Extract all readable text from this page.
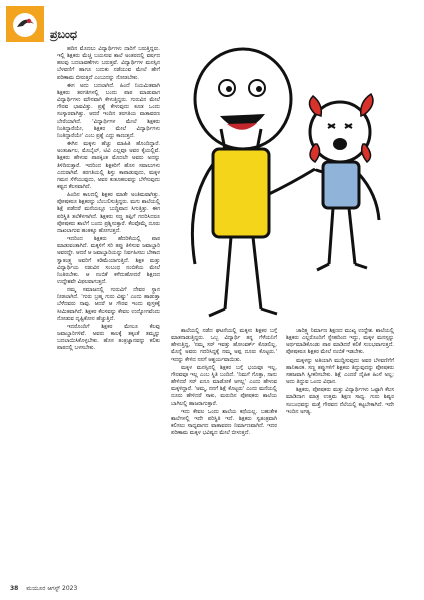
ಪ್ರಬಂಧ

ಹದಿನ ಮೊದಲು ವಿದ್ಯಾರ್ಥಿಗಳು ದಾರಿಗೆ ಬರುತ್ತಿದ್ದರು. ಇಲ್ಲಿ ಶಿಕ್ಷಕರು ಮೆಚ್ಚಿ ಬಯಸುವ ಶಾಲೆ ಅಂತರದಲ್ಲಿ ವರ್ಷದ ಹಲವು ಬದಲಾವಣೆಗಳು ಬರುತ್ತವೆ. ವಿದ್ಯಾರ್ಥಿಗಳ ಮನಸ್ಸಿನ ಬೆಳವಣಿಗೆ ಹಾಗೂ ಬದುಕು ನಡೆಯುವ ಮೇಲೆ ಹೇಗೆ ಪರಿಣಾಮ ಬೀರುತ್ತದೆ ಎಂಬುದನ್ನು ನೋಡಬೇಕು.

ಈಗ ಅದು ಬದಲಾಗಿದೆ. ಹಿಂದೆ ನಿಯಮಿತವಾಗಿ ಶಿಕ್ಷಕರು ತರಗತಿಗಳಲ್ಲಿ ಬಂದು ಪಾಠ ಮಾಡುವಾಗ ವಿದ್ಯಾರ್ಥಿಗಳು ಮೌನವಾಗಿ ಕೇಳುತ್ತಿದ್ದರು. ಗುರುವಿನ ಮೇಲೆ ಗೌರವ ಭಾವವಿತ್ತು. ಪ್ರಶ್ನೆ ಕೇಳುವುದು ಕೂಡ ಒಂದು ಸಂಸ್ಕಾರವಾಗಿತ್ತು. ಆದರೆ ಇಂದಿನ ತರಗತಿಯ ವಾತಾವರಣ ಬೇರೆಯಾಗಿದೆ. 'ವಿದ್ಯಾರ್ಥಿಗಳ ಮೇಲೆ ಶಿಕ್ಷಕರು ನಿಂತಿದ್ದಾರೆಯೇ, ಶಿಕ್ಷಕರ ಮೇಲೆ ವಿದ್ಯಾರ್ಥಿಗಳು ನಿಂತಿದ್ದಾರೆಯೇ' ಎಂಬ ಪ್ರಶ್ನೆ ಎದ್ದು ಕಾಣುತ್ತದೆ.

ಈಗಿನ ಮಕ್ಕಳು ಹೆಚ್ಚು ಮಾಹಿತಿ ಹೊಂದಿದ್ದಾರೆ. ಅಂತರ್ಜಾಲ, ಮೊಬೈಲ್, ಟಿವಿ ಎಲ್ಲವೂ ಅವರ ಕೈಯಲ್ಲಿವೆ. ಶಿಕ್ಷಕರು ಹೇಳುವ ಪಾಠಕ್ಕಿಂತ ಮೊದಲೇ ಅವರು ಅದನ್ನು ತಿಳಿದಿರುತ್ತಾರೆ. ಇದರಿಂದ ಶಿಕ್ಷಕರಿಗೆ ಹೊಸ ಸವಾಲುಗಳು ಎದುರಾಗಿವೆ. ತರಗತಿಯಲ್ಲಿ ಶಿಸ್ತು ಕಾಪಾಡುವುದು, ಮಕ್ಕಳ ಗಮನ ಸೆಳೆಯುವುದು, ಅವರ ಕುತೂಹಲವನ್ನು ಬೆಳೆಸುವುದು ಕಷ್ಟದ ಕೆಲಸವಾಗಿದೆ.

ಹಿಂದಿನ ಕಾಲದಲ್ಲಿ ಶಿಕ್ಷಕರ ಮಾತೇ ಅಂತಿಮವಾಗಿತ್ತು. ಪೋಷಕರೂ ಶಿಕ್ಷಕರನ್ನು ಬೆಂಬಲಿಸುತ್ತಿದ್ದರು. ಮಗು ಶಾಲೆಯಲ್ಲಿ ಶಿಕ್ಷೆ ಪಡೆದರೆ ಮನೆಯಲ್ಲೂ ಬುದ್ಧಿವಾದ ಸಿಗುತ್ತಿತ್ತು. ಈಗ ಪರಿಸ್ಥಿತಿ ತಲೆಕೆಳಗಾಗಿದೆ. ಶಿಕ್ಷಕರು ಸಣ್ಣ ತಪ್ಪಿಗೆ ಗದರಿಸಿದರೂ ಪೋಷಕರು ಶಾಲೆಗೆ ಬಂದು ಪ್ರಶ್ನಿಸುತ್ತಾರೆ. ಕೆಲವೊಮ್ಮೆ ದೂರು ದಾಖಲಾಗುವ ಹಂತಕ್ಕೂ ಹೋಗುತ್ತದೆ.

ಇದರಿಂದ ಶಿಕ್ಷಕರು ಹೆದರಿಕೆಯಲ್ಲಿ ಪಾಠ ಮಾಡುವಂತಾಗಿದೆ. ಮಕ್ಕಳಿಗೆ ಸರಿ ತಪ್ಪು ತಿಳಿಸುವ ಜವಾಬ್ದಾರಿ ಅವರದ್ದೇ. ಆದರೆ ಆ ಜವಾಬ್ದಾರಿಯನ್ನು ನಿರ್ವಹಿಸಲು ಬೇಕಾದ ಸ್ವಾತಂತ್ರ್ಯ ಅವರಿಗೆ ಕಡಿಮೆಯಾಗುತ್ತಿದೆ. ಶಿಕ್ಷಕ ಮತ್ತು ವಿದ್ಯಾರ್ಥಿಯ ನಡುವಿನ ಸಂಬಂಧ ನಂಬಿಕೆಯ ಮೇಲೆ ನಿಂತಿರಬೇಕು. ಆ ನಂಬಿಕೆ ಕಳೆದುಹೋದರೆ ಶಿಕ್ಷಣದ ಉದ್ದೇಶವೇ ವಿಫಲವಾಗುತ್ತದೆ.

ನಮ್ಮ ಸಮಾಜದಲ್ಲಿ ಗುರುವಿಗೆ ದೇವರ ಸ್ಥಾನ ನೀಡಲಾಗಿದೆ. 'ಗುರು ಬ್ರಹ್ಮ ಗುರು ವಿಷ್ಣು' ಎಂದು ಹಾಡುತ್ತಾ ಬೆಳೆದವರು ನಾವು. ಆದರೆ ಆ ಗೌರವ ಇಂದು ಪುಸ್ತಕಕ್ಕೆ ಸೀಮಿತವಾಗಿದೆ. ಶಿಕ್ಷಕರ ಕೆಲಸವನ್ನು ಕೇವಲ ಉದ್ಯೋಗವೆಂದು ನೋಡುವ ದೃಷ್ಟಿಕೋನ ಹೆಚ್ಚುತ್ತಿದೆ.

ಇದರೊಂದಿಗೆ ಶಿಕ್ಷಕರ ಮೇಲೂ ಕೆಲವು ಜವಾಬ್ದಾರಿಗಳಿವೆ. ಅವರು ಕಾಲಕ್ಕೆ ತಕ್ಕಂತೆ ತಮ್ಮನ್ನು ಬದಲಾಯಿಸಿಕೊಳ್ಳಬೇಕು. ಹೊಸ ತಂತ್ರಜ್ಞಾನವನ್ನು ಕಲಿತು ಪಾಠದಲ್ಲಿ ಬಳಸಬೇಕು.

ಶಾಲೆಯಲ್ಲಿ ನಡೆದ ಘಟನೆಯಲ್ಲಿ ಮಕ್ಕಳು ಶಿಕ್ಷಕರ ಬಗ್ಗೆ ಮಾತನಾಡುತ್ತಿದ್ದರು. ಒಬ್ಬ ವಿದ್ಯಾರ್ಥಿ ತನ್ನ ಗೆಳೆಯನಿಗೆ ಹೇಳುತ್ತಿದ್ದ, 'ನಮ್ಮ ಸರ್ ಇವತ್ತು ಹೋಂವರ್ಕ್ ಕೊಡಲಿಲ್ಲ, ಮೊನ್ನೆ ಅವರು ಗದರಿಸಿದ್ದಕ್ಕೆ ನಮ್ಮ ಅಪ್ಪ ದೂರು ಕೊಟ್ಟರು.' ಇದನ್ನು ಕೇಳಿದ ನನಗೆ ಆಶ್ಚರ್ಯವಾಯಿತು.

ಮಕ್ಕಳ ಮನಸ್ಸಿನಲ್ಲಿ ಶಿಕ್ಷಕರ ಬಗ್ಗೆ ಭಯವೂ ಇಲ್ಲ, ಗೌರವವೂ ಇಲ್ಲ ಎಂಬ ಸ್ಥಿತಿ ಬಂದಿದೆ. 'ನಿಮಗೆ ಗೊತ್ತಾ, ನಾನು ಹೇಳಿದರೆ ಸರ್ ಏನೂ ಮಾಡೋಕೆ ಆಗಲ್ಲ' ಎಂದು ಹೇಳುವ ಮಕ್ಕಳಿದ್ದಾರೆ. 'ಅಮ್ಮ, ನನಗೆ ಶಿಕ್ಷೆ ಕೊಟ್ಟರು' ಎಂದು ಮನೆಯಲ್ಲಿ ದೂರು ಹೇಳಿದರೆ ಸಾಕು, ಮರುದಿನ ಪೋಷಕರು ಶಾಲೆಯ ಬಾಗಿಲಲ್ಲಿ ಹಾಜರಾಗುತ್ತಾರೆ.

ಇದು ಕೇವಲ ಒಂದು ಶಾಲೆಯ ಕಥೆಯಲ್ಲ. ಬಹುತೇಕ ಶಾಲೆಗಳಲ್ಲಿ ಇದೇ ಪರಿಸ್ಥಿತಿ ಇದೆ. ಶಿಕ್ಷಕರು ಸ್ವತಂತ್ರವಾಗಿ ಕಲಿಸಲು ಸಾಧ್ಯವಾಗದ ವಾತಾವರಣ ನಿರ್ಮಾಣವಾಗಿದೆ. ಇದರ ಪರಿಣಾಮ ಮಕ್ಕಳ ಭವಿಷ್ಯದ ಮೇಲೆ ಬೀಳುತ್ತದೆ.

ಚಾರಿತ್ರ್ಯ ನಿರ್ಮಾಣ ಶಿಕ್ಷಣದ ಮುಖ್ಯ ಉದ್ದೇಶ. ಶಾಲೆಯಲ್ಲಿ ಶಿಕ್ಷಕರು ಎಲ್ಲರೊಂದಿಗೆ ಸ್ನೇಹದಿಂದ ಇದ್ದು, ಮಕ್ಕಳ ಮನಸ್ಸನ್ನು ಅರ್ಥಮಾಡಿಕೊಂಡು ಪಾಠ ಮಾಡಿದರೆ ಕಲಿಕೆ ಸುಲಭವಾಗುತ್ತದೆ. ಪೋಷಕರೂ ಶಿಕ್ಷಕರ ಮೇಲೆ ನಂಬಿಕೆ ಇಡಬೇಕು.

ಮಕ್ಕಳನ್ನು ಅತಿಯಾಗಿ ಮುದ್ದಿಸುವುದು ಅವರ ಬೆಳವಣಿಗೆಗೆ ಹಾನಿಕಾರಕ. ಸಣ್ಣ ತಪ್ಪುಗಳಿಗೆ ಶಿಕ್ಷಕರು ತಿದ್ದುವುದನ್ನು ಪೋಷಕರು ಸಹಜವಾಗಿ ಸ್ವೀಕರಿಸಬೇಕು. ಶಿಕ್ಷೆ ಎಂದರೆ ದೈಹಿಕ ಹಿಂಸೆ ಅಲ್ಲ; ಅದು ತಿದ್ದುವ ಒಂದು ವಿಧಾನ.

ಶಿಕ್ಷಕರು, ಪೋಷಕರು ಮತ್ತು ವಿದ್ಯಾರ್ಥಿಗಳು ಒಟ್ಟಾಗಿ ಕೆಲಸ ಮಾಡಿದಾಗ ಮಾತ್ರ ಉತ್ತಮ ಶಿಕ್ಷಣ ಸಾಧ್ಯ. ಗುರು ಶಿಷ್ಯರ ಸಂಬಂಧವನ್ನು ಮತ್ತೆ ಗೌರವದ ನೆಲೆಯಲ್ಲಿ ಕಟ್ಟಬೇಕಾಗಿದೆ. ಇದೇ ಇಂದಿನ ಅಗತ್ಯ.

38 ಮಯೂರ ಆಗಸ್ಟ್ 2023
